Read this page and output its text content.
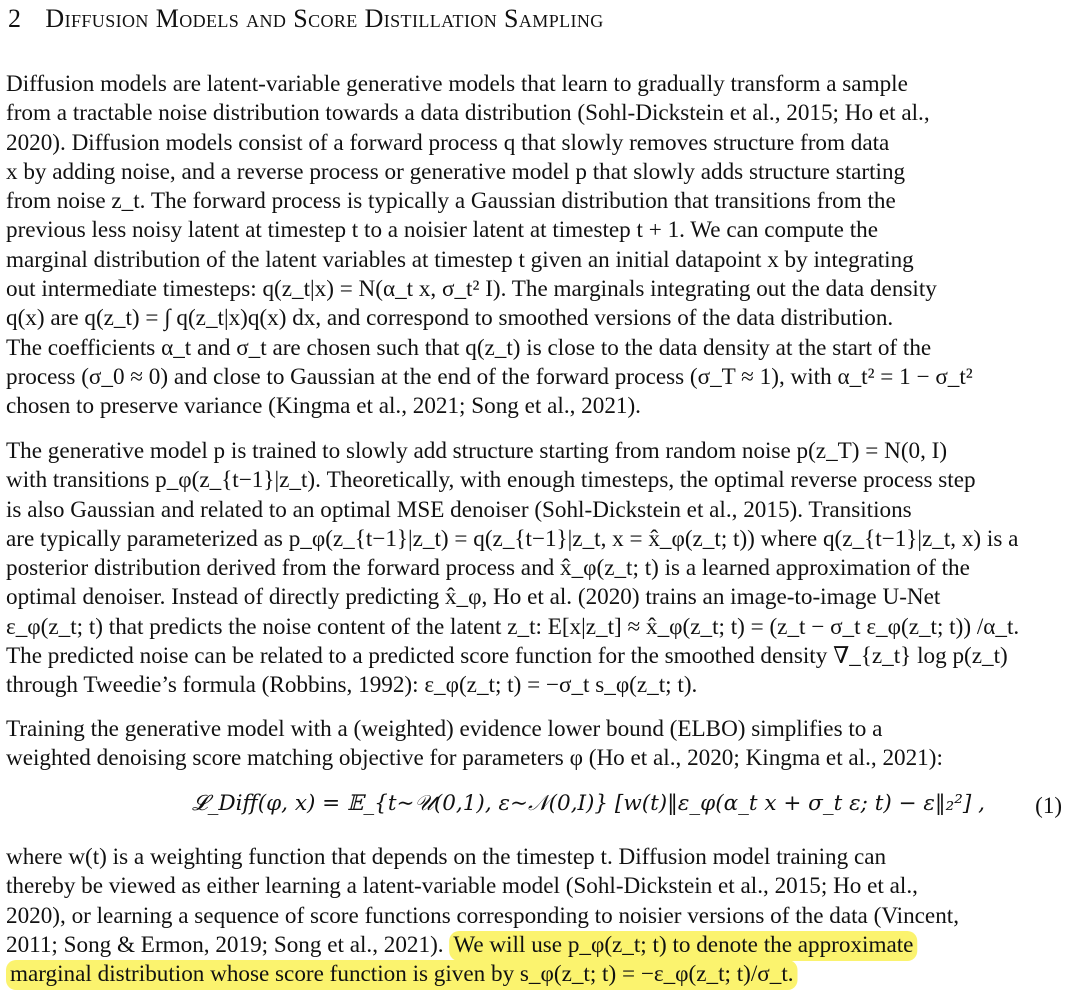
2 Diffusion Models and Score Distillation Sampling
Diffusion models are latent-variable generative models that learn to gradually transform a sample
from a tractable noise distribution towards a data distribution (Sohl-Dickstein et al., 2015; Ho et al.,
2020). Diffusion models consist of a forward process q that slowly removes structure from data
x by adding noise, and a reverse process or generative model p that slowly adds structure starting
from noise z_t. The forward process is typically a Gaussian distribution that transitions from the
previous less noisy latent at timestep t to a noisier latent at timestep t + 1. We can compute the
marginal distribution of the latent variables at timestep t given an initial datapoint x by integrating
out intermediate timesteps: q(z_t|x) = N(α_t x, σ_t² I). The marginals integrating out the data density
q(x) are q(z_t) = ∫ q(z_t|x)q(x) dx, and correspond to smoothed versions of the data distribution.
The coefficients α_t and σ_t are chosen such that q(z_t) is close to the data density at the start of the
process (σ_0 ≈ 0) and close to Gaussian at the end of the forward process (σ_T ≈ 1), with α_t² = 1 − σ_t²
chosen to preserve variance (Kingma et al., 2021; Song et al., 2021).
The generative model p is trained to slowly add structure starting from random noise p(z_T) = N(0, I)
with transitions p_φ(z_{t−1}|z_t). Theoretically, with enough timesteps, the optimal reverse process step
is also Gaussian and related to an optimal MSE denoiser (Sohl-Dickstein et al., 2015). Transitions
are typically parameterized as p_φ(z_{t−1}|z_t) = q(z_{t−1}|z_t, x = x̂_φ(z_t; t)) where q(z_{t−1}|z_t, x) is a
posterior distribution derived from the forward process and x̂_φ(z_t; t) is a learned approximation of the
optimal denoiser. Instead of directly predicting x̂_φ, Ho et al. (2020) trains an image-to-image U-Net
ε_φ(z_t; t) that predicts the noise content of the latent z_t: E[x|z_t] ≈ x̂_φ(z_t; t) = (z_t − σ_t ε_φ(z_t; t)) /α_t.
The predicted noise can be related to a predicted score function for the smoothed density ∇_{z_t} log p(z_t)
through Tweedie’s formula (Robbins, 1992): ε_φ(z_t; t) = −σ_t s_φ(z_t; t).
Training the generative model with a (weighted) evidence lower bound (ELBO) simplifies to a
weighted denoising score matching objective for parameters φ (Ho et al., 2020; Kingma et al., 2021):
𝓛_Diff(φ, x) = 𝔼_{t∼𝒰(0,1), ε∼𝒩(0,I)} [w(t)‖ε_φ(α_t x + σ_t ε; t) − ε‖₂²] , (1)
where w(t) is a weighting function that depends on the timestep t. Diffusion model training can
thereby be viewed as either learning a latent-variable model (Sohl-Dickstein et al., 2015; Ho et al.,
2020), or learning a sequence of score functions corresponding to noisier versions of the data (Vincent,
2011; Song & Ermon, 2019; Song et al., 2021). We will use p_φ(z_t; t) to denote the approximate
marginal distribution whose score function is given by s_φ(z_t; t) = −ε_φ(z_t; t)/σ_t.
